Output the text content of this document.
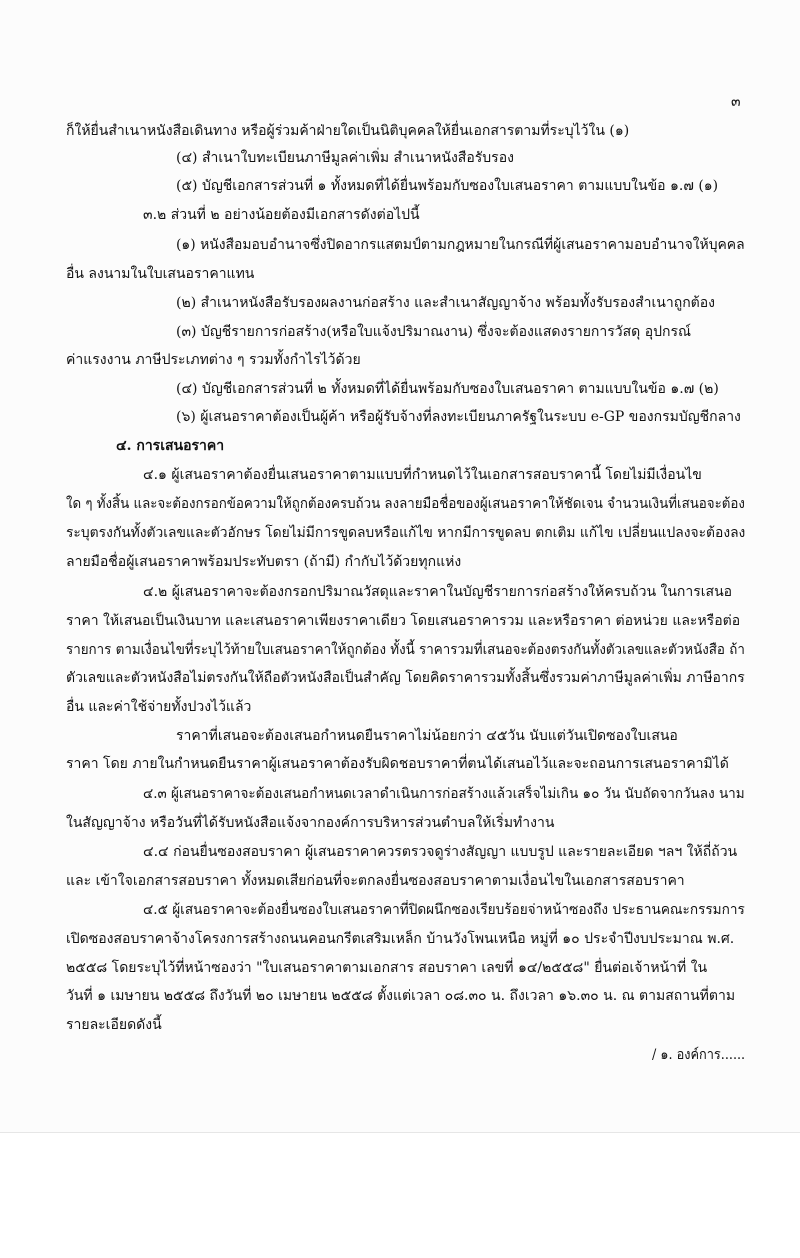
๓
ก็ให้ยื่นสำเนาหนังสือเดินทาง หรือผู้ร่วมค้าฝ่ายใดเป็นนิติบุคคลให้ยื่นเอกสารตามที่ระบุไว้ใน (๑)
(๔) สำเนาใบทะเบียนภาษีมูลค่าเพิ่ม สำเนาหนังสือรับรอง
(๕) บัญชีเอกสารส่วนที่ ๑ ทั้งหมดที่ได้ยื่นพร้อมกับซองใบเสนอราคา ตามแบบในข้อ ๑.๗ (๑)
๓.๒ ส่วนที่ ๒ อย่างน้อยต้องมีเอกสารดังต่อไปนี้
(๑) หนังสือมอบอำนาจซึ่งปิดอากรแสตมป์ตามกฎหมายในกรณีที่ผู้เสนอราคามอบอำนาจให้บุคคล
อื่น ลงนามในใบเสนอราคาแทน
(๒) สำเนาหนังสือรับรองผลงานก่อสร้าง และสำเนาสัญญาจ้าง พร้อมทั้งรับรองสำเนาถูกต้อง
(๓) บัญชีรายการก่อสร้าง(หรือใบแจ้งปริมาณงาน) ซึ่งจะต้องแสดงรายการวัสดุ อุปกรณ์
ค่าแรงงาน ภาษีประเภทต่าง ๆ รวมทั้งกำไรไว้ด้วย
(๔) บัญชีเอกสารส่วนที่ ๒ ทั้งหมดที่ได้ยื่นพร้อมกับซองใบเสนอราคา ตามแบบในข้อ ๑.๗ (๒)
(๖) ผู้เสนอราคาต้องเป็นผู้ค้า หรือผู้รับจ้างที่ลงทะเบียนภาครัฐในระบบ e-GP ของกรมบัญชีกลาง
๔. การเสนอราคา
๔.๑ ผู้เสนอราคาต้องยื่นเสนอราคาตามแบบที่กำหนดไว้ในเอกสารสอบราคานี้ โดยไม่มีเงื่อนไข
ใด ๆ ทั้งสิ้น และจะต้องกรอกข้อความให้ถูกต้องครบถ้วน ลงลายมือชื่อของผู้เสนอราคาให้ชัดเจน จำนวนเงินที่เสนอจะต้อง
ระบุตรงกันทั้งตัวเลขและตัวอักษร โดยไม่มีการขูดลบหรือแก้ไข หากมีการขูดลบ ตกเติม แก้ไข เปลี่ยนแปลงจะต้องลง
ลายมือชื่อผู้เสนอราคาพร้อมประทับตรา (ถ้ามี) กำกับไว้ด้วยทุกแห่ง
๔.๒ ผู้เสนอราคาจะต้องกรอกปริมาณวัสดุและราคาในบัญชีรายการก่อสร้างให้ครบถ้วน ในการเสนอ
ราคา ให้เสนอเป็นเงินบาท และเสนอราคาเพียงราคาเดียว โดยเสนอราคารวม และหรือราคา ต่อหน่วย และหรือต่อ
รายการ ตามเงื่อนไขที่ระบุไว้ท้ายใบเสนอราคาให้ถูกต้อง ทั้งนี้ ราคารวมที่เสนอจะต้องตรงกันทั้งตัวเลขและตัวหนังสือ ถ้า
ตัวเลขและตัวหนังสือไม่ตรงกันให้ถือตัวหนังสือเป็นสำคัญ โดยคิดราคารวมทั้งสิ้นซึ่งรวมค่าภาษีมูลค่าเพิ่ม ภาษีอากร
อื่น และค่าใช้จ่ายทั้งปวงไว้แล้ว
ราคาที่เสนอจะต้องเสนอกำหนดยืนราคาไม่น้อยกว่า ๔๕วัน นับแต่วันเปิดซองใบเสนอ
ราคา โดย ภายในกำหนดยืนราคาผู้เสนอราคาต้องรับผิดชอบราคาที่ตนได้เสนอไว้และจะถอนการเสนอราคามิได้
๔.๓ ผู้เสนอราคาจะต้องเสนอกำหนดเวลาดำเนินการก่อสร้างแล้วเสร็จไม่เกิน ๑๐ วัน นับถัดจากวันลง นาม
ในสัญญาจ้าง หรือวันที่ได้รับหนังสือแจ้งจากองค์การบริหารส่วนตำบลให้เริ่มทำงาน
๔.๔ ก่อนยื่นซองสอบราคา ผู้เสนอราคาควรตรวจดูร่างสัญญา แบบรูป และรายละเอียด ฯลฯ ให้ถี่ถ้วน
และ เข้าใจเอกสารสอบราคา ทั้งหมดเสียก่อนที่จะตกลงยื่นซองสอบราคาตามเงื่อนไขในเอกสารสอบราคา
๔.๕ ผู้เสนอราคาจะต้องยื่นซองใบเสนอราคาที่ปิดผนึกซองเรียบร้อยจ่าหน้าซองถึง ประธานคณะกรรมการ
เปิดซองสอบราคาจ้างโครงการสร้างถนนคอนกรีตเสริมเหล็ก บ้านวังโพนเหนือ หมู่ที่ ๑๐ ประจำปีงบประมาณ พ.ศ.
๒๕๕๘ โดยระบุไว้ที่หน้าซองว่า "ใบเสนอราคาตามเอกสาร สอบราคา เลขที่ ๑๔/๒๕๕๘" ยื่นต่อเจ้าหน้าที่ ใน
วันที่ ๑ เมษายน ๒๕๕๘ ถึงวันที่ ๒๐ เมษายน ๒๕๕๘ ตั้งแต่เวลา ๐๘.๓๐ น. ถึงเวลา ๑๖.๓๐ น. ณ ตามสถานที่ตาม
รายละเอียดดังนี้
/ ๑. องค์การ......
